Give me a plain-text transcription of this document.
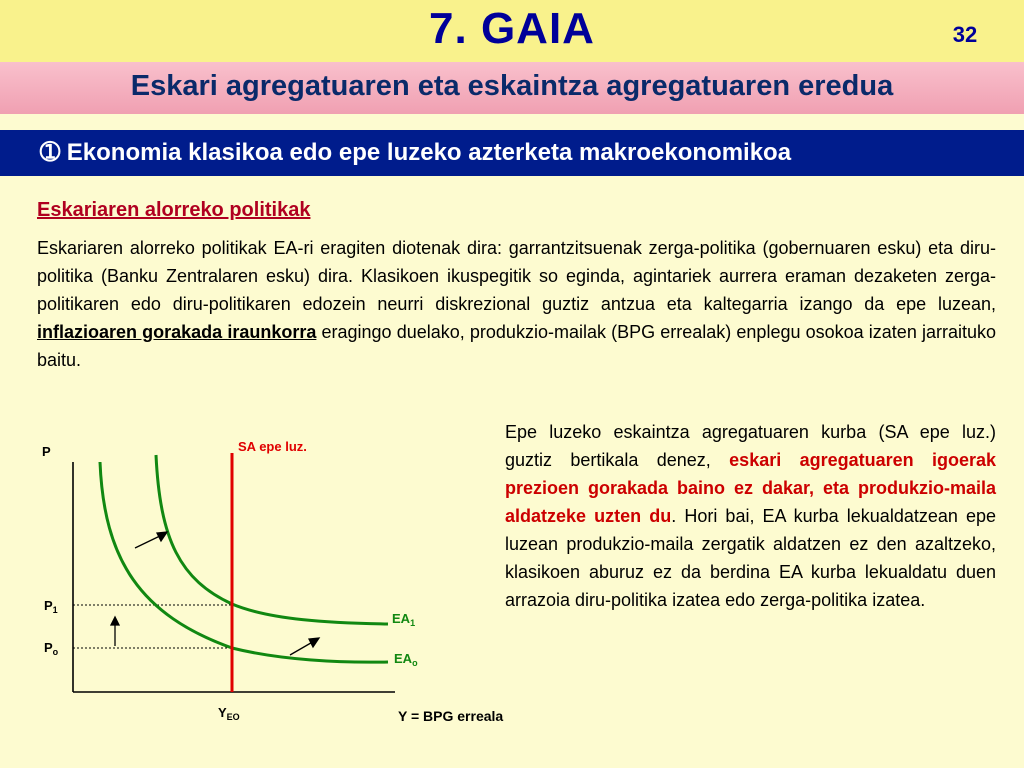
7. GAIA	32
Eskari agregatuaren eta eskaintza agregatuaren eredua
➀ Ekonomia klasikoa edo epe luzeko azterketa makroekonomikoa
Eskariaren alorreko politikak
Eskariaren alorreko politikak EA-ri eragiten diotenak dira: garrantzitsuenak zerga-politika (gobernuaren esku) eta diru-politika (Banku Zentralaren esku) dira. Klasikoen ikuspegitik so eginda, agintariek aurrera eraman dezaketen zerga-politikaren edo diru-politikaren edozein neurri diskrezional guztiz antzua eta kaltegarria izango da epe luzean, inflazioaren gorakada iraunkorra eragingo duelako, produkzio-mailak (BPG errealak) enplegu osokoa izaten jarraituko baitu.
Epe luzeko eskaintza agregatuaren kurba (SA epe luz.) guztiz bertikala denez, eskari agregatuaren igoerak prezioen gorakada baino ez dakar, eta produkzio-maila aldatzeke uzten du. Hori bai, EA kurba lekualdatzean epe luzean produkzio-maila zergatik aldatzen ez den azaltzeko, klasikoen aburuz ez da berdina EA kurba lekualdatu duen arrazoia diru-politika izatea edo zerga-politika izatea.
P
Y = BPG erreala
$P_1$
$P_o$
$Y_{EO}$
SA epe luz.
$EA_1$
$EA_o$
